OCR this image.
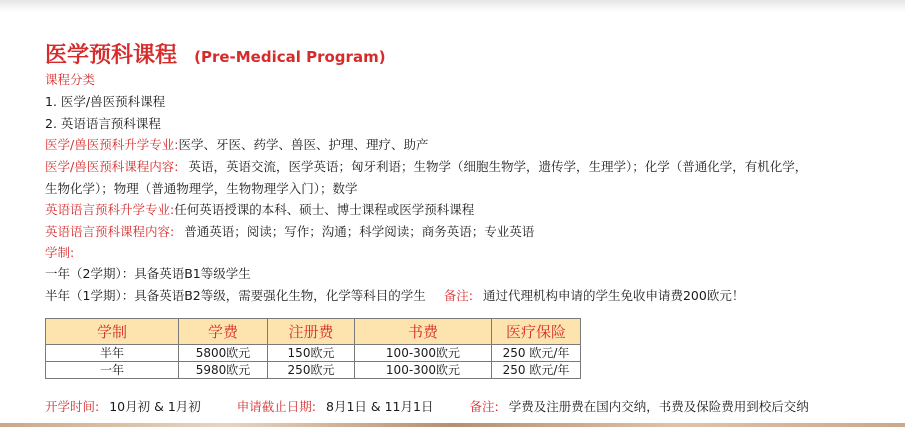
医学预科课程 (Pre-Medical Program)
课程分类
1. 医学/兽医预科课程
2. 英语语言预科课程
医学/兽医预科升学专业:医学、牙医、药学、兽医、护理、理疗、助产
医学/兽医预科课程内容: 英语，英语交流，医学英语；匈牙利语；生物学（细胞生物学，遗传学，生理学）；化学（普通化学，有机化学，
生物化学）；物理（普通物理学，生物物理学入门）；数学
英语语言预科升学专业:任何英语授课的本科、硕士、博士课程或医学预科课程
英语语言预科课程内容: 普通英语；阅读；写作；沟通；科学阅读；商务英语；专业英语
学制:
一年（2学期）：具备英语B1等级学生
半年（1学期）：具备英语B2等级，需要强化生物，化学等科目的学生 备注: 通过代理机构申请的学生免收申请费200欧元！
学制	学费	注册费	书费	医疗保险
半年	5800欧元	150欧元	100-300欧元	250 欧元/年
一年	5980欧元	250欧元	100-300欧元	250 欧元/年
开学时间: 10月初 & 1月初	申请截止日期: 8月1日 & 11月1日	备注: 学费及注册费在国内交纳，书费及保险费用到校后交纳
